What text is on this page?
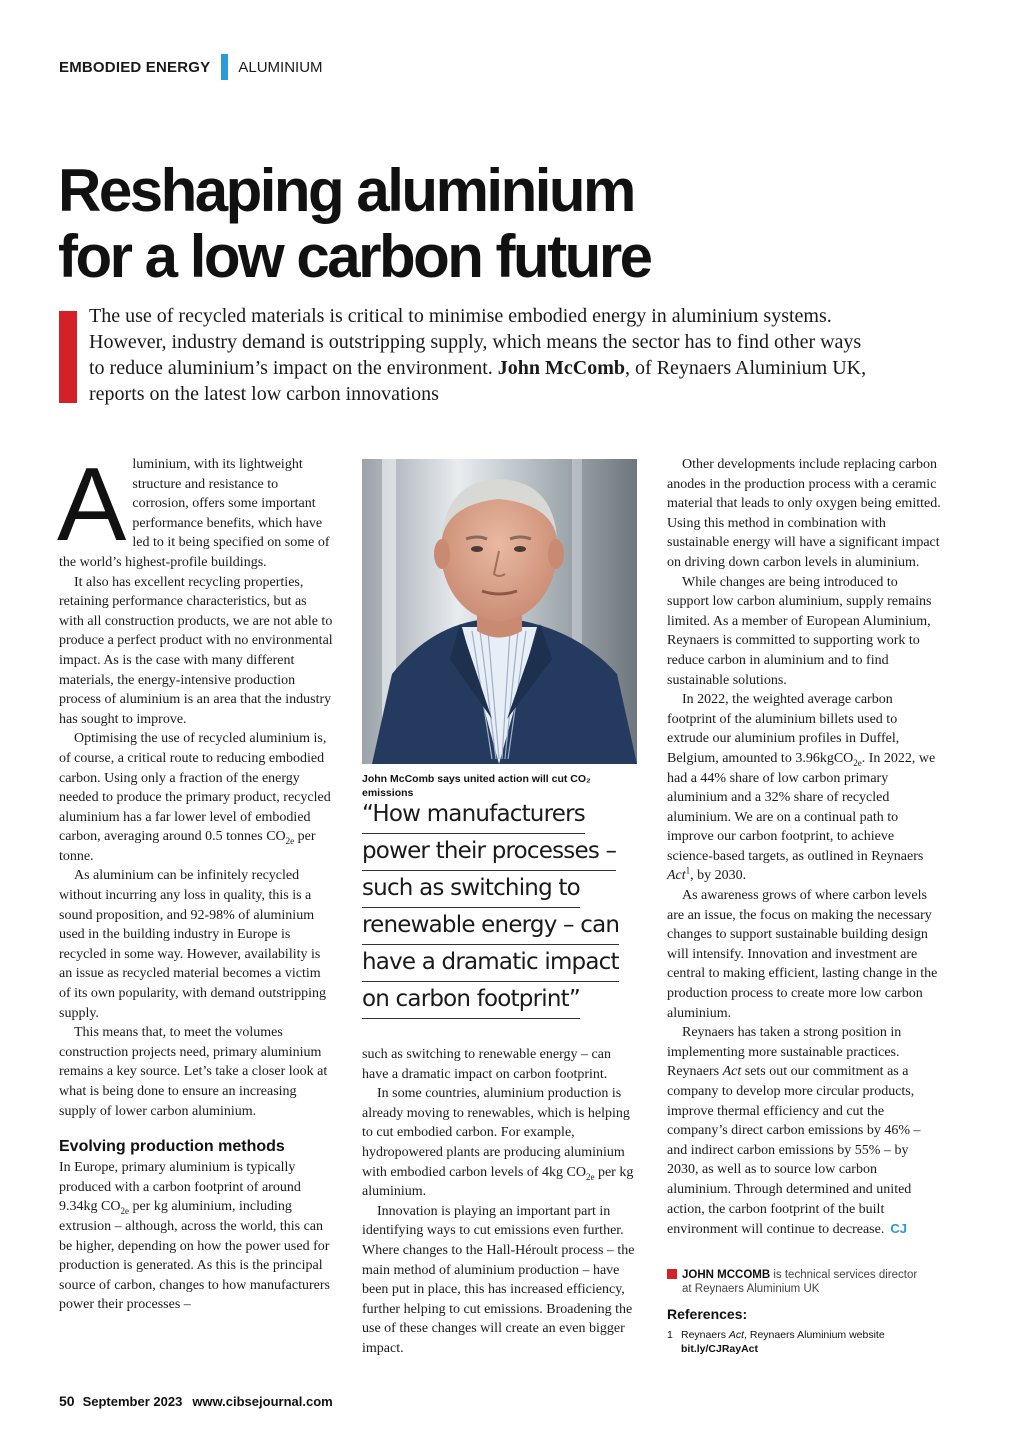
EMBODIED ENERGY ALUMINIUM
Reshaping aluminium
for a low carbon future

The use of recycled materials is critical to minimise embodied energy in aluminium systems. However, industry demand is outstripping supply, which means the sector has to find other ways to reduce aluminium’s impact on the environment. John McComb, of Reynaers Aluminium UK, reports on the latest low carbon innovations

Aluminium, with its lightweight structure and resistance to corrosion, offers some important performance benefits, which have led to it being specified on some of the world’s highest-profile buildings.

It also has excellent recycling properties, retaining performance characteristics, but as with all construction products, we are not able to produce a perfect product with no environmental impact. As is the case with many different materials, the energy-intensive production process of aluminium is an area that the industry has sought to improve.

Optimising the use of recycled aluminium is, of course, a critical route to reducing embodied carbon. Using only a fraction of the energy needed to produce the primary product, recycled aluminium has a far lower level of embodied carbon, averaging around 0.5 tonnes $CO_{2e}$ per tonne.

As aluminium can be infinitely recycled without incurring any loss in quality, this is a sound proposition, and 92-98% of aluminium used in the building industry in Europe is recycled in some way. However, availability is an issue as recycled material becomes a victim of its own popularity, with demand outstripping supply.

This means that, to meet the volumes construction projects need, primary aluminium remains a key source. Let’s take a closer look at what is being done to ensure an increasing supply of lower carbon aluminium.

Evolving production methods

In Europe, primary aluminium is typically produced with a carbon footprint of around 9.34kg $CO_{2e}$ per kg aluminium, including extrusion – although, across the world, this can be higher, depending on how the power used for production is generated. As this is the principal source of carbon, changes to how manufacturers power their processes –

John McComb says united action will cut CO₂ emissions
“How manufacturers
power their processes –
such as switching to
renewable energy – can
have a dramatic impact
on carbon footprint”

such as switching to renewable energy – can have a dramatic impact on carbon footprint.

In some countries, aluminium production is already moving to renewables, which is helping to cut embodied carbon. For example, hydropowered plants are producing aluminium with embodied carbon levels of 4kg $CO_{2e}$ per kg aluminium.

Innovation is playing an important part in identifying ways to cut emissions even further. Where changes to the Hall-Héroult process – the main method of aluminium production – have been put in place, this has increased efficiency, further helping to cut emissions. Broadening the use of these changes will create an even bigger impact.

Other developments include replacing carbon anodes in the production process with a ceramic material that leads to only oxygen being emitted. Using this method in combination with sustainable energy will have a significant impact on driving down carbon levels in aluminium.

While changes are being introduced to support low carbon aluminium, supply remains limited. As a member of European Aluminium, Reynaers is committed to supporting work to reduce carbon in aluminium and to find sustainable solutions.

In 2022, the weighted average carbon footprint of the aluminium billets used to extrude our aluminium profiles in Duffel, Belgium, amounted to 3.96kgCO$_{2e}$. In 2022, we had a 44% share of low carbon primary aluminium and a 32% share of recycled aluminium. We are on a continual path to improve our carbon footprint, to achieve science-based targets, as outlined in Reynaers Act$^1$, by 2030.

As awareness grows of where carbon levels are an issue, the focus on making the necessary changes to support sustainable building design will intensify. Innovation and investment are central to making efficient, lasting change in the production process to create more low carbon aluminium.

Reynaers has taken a strong position in implementing more sustainable practices. Reynaers Act sets out our commitment as a company to develop more circular products, improve thermal efficiency and cut the company’s direct carbon emissions by 46% – and indirect carbon emissions by 55% – by 2030, as well as to source low carbon aluminium. Through determined and united action, the carbon footprint of the built environment will continue to decrease. CJ

JOHN MCCOMB is technical services director
at Reynaers Aluminium UK
References:
1 Reynaers Act, Reynaers Aluminium website
bit.ly/CJRayAct
50 September 2023 www.cibsejournal.com
